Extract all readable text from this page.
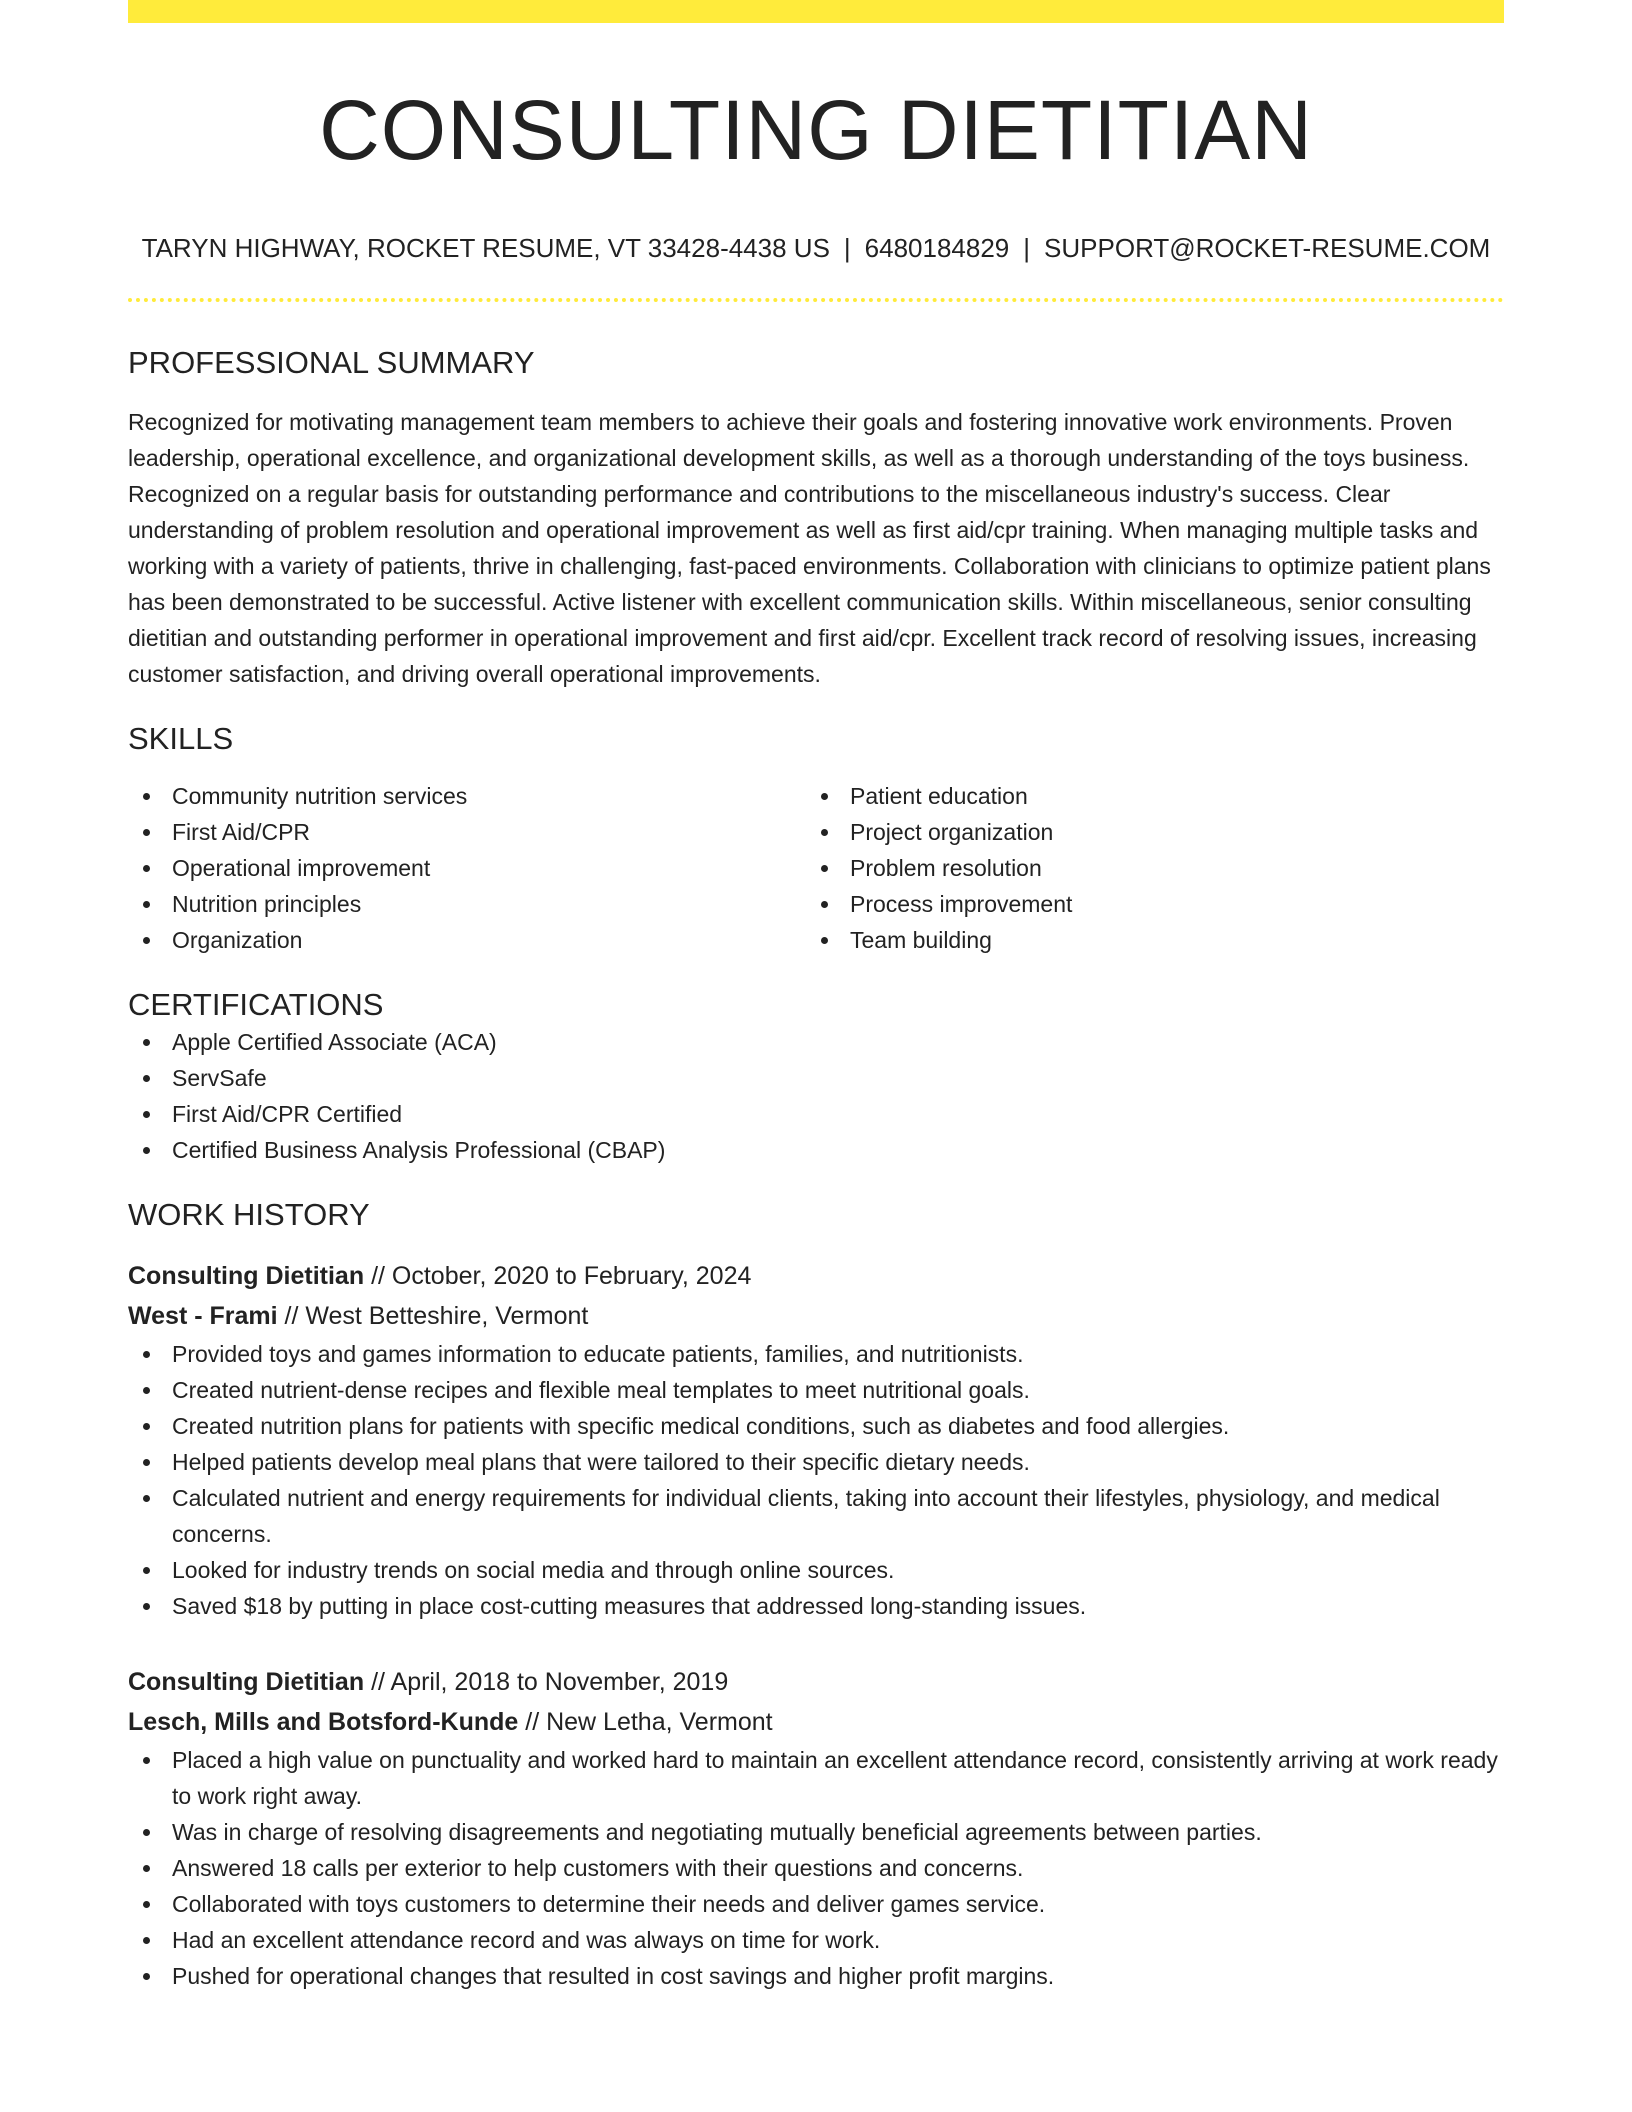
CONSULTING DIETITIAN
TARYN HIGHWAY, ROCKET RESUME, VT 33428-4438 US | 6480184829 | SUPPORT@ROCKET-RESUME.COM
PROFESSIONAL SUMMARY
Recognized for motivating management team members to achieve their goals and fostering innovative work environments. Proven leadership, operational excellence, and organizational development skills, as well as a thorough understanding of the toys business. Recognized on a regular basis for outstanding performance and contributions to the miscellaneous industry's success. Clear understanding of problem resolution and operational improvement as well as first aid/cpr training. When managing multiple tasks and working with a variety of patients, thrive in challenging, fast-paced environments. Collaboration with clinicians to optimize patient plans has been demonstrated to be successful. Active listener with excellent communication skills. Within miscellaneous, senior consulting dietitian and outstanding performer in operational improvement and first aid/cpr. Excellent track record of resolving issues, increasing customer satisfaction, and driving overall operational improvements.
SKILLS
Community nutrition services
First Aid/CPR
Operational improvement
Nutrition principles
Organization
Patient education
Project organization
Problem resolution
Process improvement
Team building
CERTIFICATIONS
Apple Certified Associate (ACA)
ServSafe
First Aid/CPR Certified
Certified Business Analysis Professional (CBAP)
WORK HISTORY
Consulting Dietitian // October, 2020 to February, 2024
West - Frami // West Betteshire, Vermont
Provided toys and games information to educate patients, families, and nutritionists.
Created nutrient-dense recipes and flexible meal templates to meet nutritional goals.
Created nutrition plans for patients with specific medical conditions, such as diabetes and food allergies.
Helped patients develop meal plans that were tailored to their specific dietary needs.
Calculated nutrient and energy requirements for individual clients, taking into account their lifestyles, physiology, and medical concerns.
Looked for industry trends on social media and through online sources.
Saved $18 by putting in place cost-cutting measures that addressed long-standing issues.
Consulting Dietitian // April, 2018 to November, 2019
Lesch, Mills and Botsford-Kunde // New Letha, Vermont
Placed a high value on punctuality and worked hard to maintain an excellent attendance record, consistently arriving at work ready to work right away.
Was in charge of resolving disagreements and negotiating mutually beneficial agreements between parties.
Answered 18 calls per exterior to help customers with their questions and concerns.
Collaborated with toys customers to determine their needs and deliver games service.
Had an excellent attendance record and was always on time for work.
Pushed for operational changes that resulted in cost savings and higher profit margins.
